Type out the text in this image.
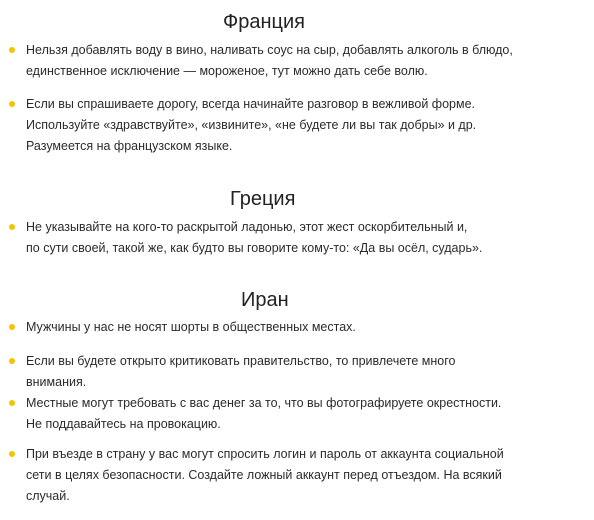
Франция
Нельзя добавлять воду в вино, наливать соус на сыр, добавлять алкоголь в блюдо,
единственное исключение — мороженое, тут можно дать себе волю.
Если вы спрашиваете дорогу, всегда начинайте разговор в вежливой форме.
Используйте «здравствуйте», «извините», «не будете ли вы так добры» и др.
Разумеется на французском языке.
Греция
Не указывайте на кого-то раскрытой ладонью, этот жест оскорбительный и,
по сути своей, такой же, как будто вы говорите кому-то: «Да вы осёл, сударь».
Иран
Мужчины у нас не носят шорты в общественных местах.
Если вы будете открыто критиковать правительство, то привлечете много
внимания.
Местные могут требовать с вас денег за то, что вы фотографируете окрестности.
Не поддавайтесь на провокацию.
При въезде в страну у вас могут спросить логин и пароль от аккаунта социальной
сети в целях безопасности. Создайте ложный аккаунт перед отъездом. На всякий
случай.
